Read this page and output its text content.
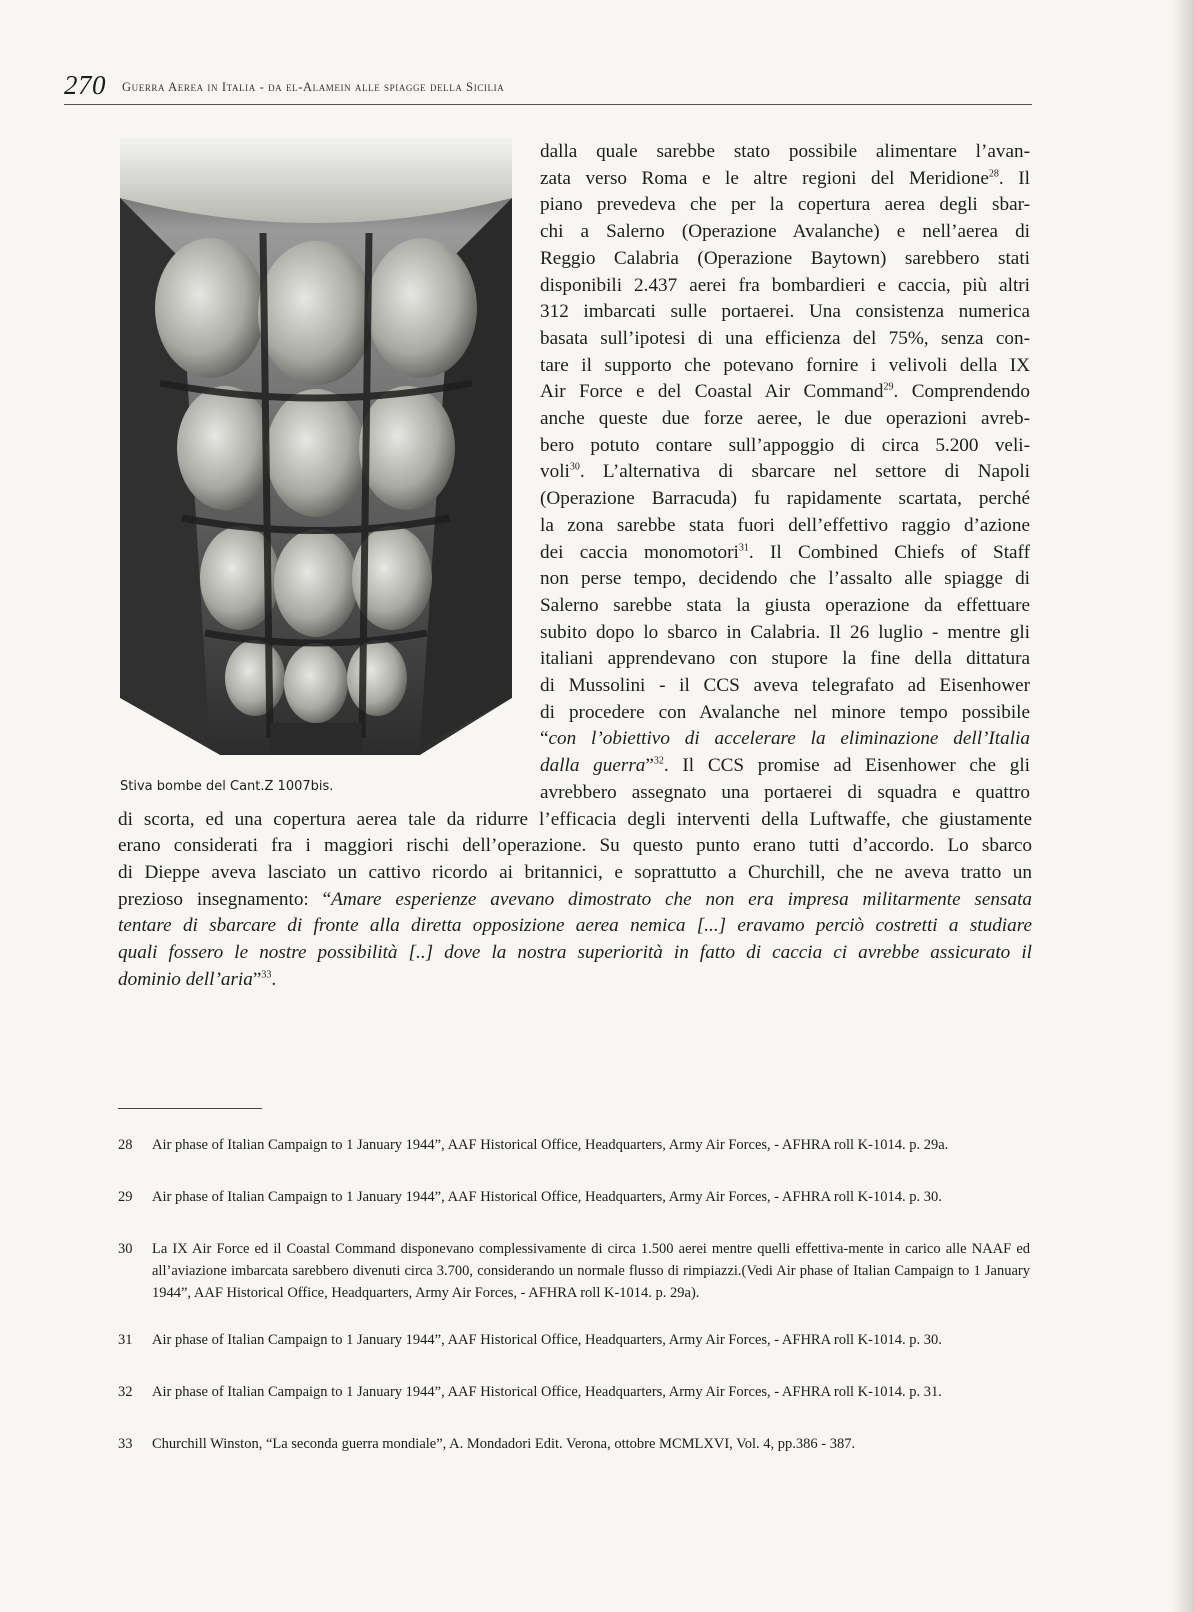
270 Guerra Aerea in Italia - da el-Alamein alle spiagge della Sicilia
Stiva bombe del Cant.Z 1007bis.
dalla quale sarebbe stato possibile alimentare l’avan-
zata verso Roma e le altre regioni del Meridione$^{28}$. Il
piano prevedeva che per la copertura aerea degli sbar-
chi a Salerno (Operazione Avalanche) e nell’aerea di
Reggio Calabria (Operazione Baytown) sarebbero stati
disponibili 2.437 aerei fra bombardieri e caccia, più altri
312 imbarcati sulle portaerei. Una consistenza numerica
basata sull’ipotesi di una efficienza del 75%, senza con-
tare il supporto che potevano fornire i velivoli della IX
Air Force e del Coastal Air Command$^{29}$. Comprendendo
anche queste due forze aeree, le due operazioni avreb-
bero potuto contare sull’appoggio di circa 5.200 veli-
voli$^{30}$. L’alternativa di sbarcare nel settore di Napoli
(Operazione Barracuda) fu rapidamente scartata, perché
la zona sarebbe stata fuori dell’effettivo raggio d’azione
dei caccia monomotori$^{31}$. Il Combined Chiefs of Staff
non perse tempo, decidendo che l’assalto alle spiagge di
Salerno sarebbe stata la giusta operazione da effettuare
subito dopo lo sbarco in Calabria. Il 26 luglio - mentre gli
italiani apprendevano con stupore la fine della dittatura
di Mussolini - il CCS aveva telegrafato ad Eisenhower
di procedere con Avalanche nel minore tempo possibile
“con l’obiettivo di accelerare la eliminazione dell’Italia
dalla guerra”$^{32}$. Il CCS promise ad Eisenhower che gli
avrebbero assegnato una portaerei di squadra e quattro
di scorta, ed una copertura aerea tale da ridurre l’efficacia degli interventi della Luftwaffe, che giustamente
erano considerati fra i maggiori rischi dell’operazione. Su questo punto erano tutti d’accordo. Lo sbarco
di Dieppe aveva lasciato un cattivo ricordo ai britannici, e soprattutto a Churchill, che ne aveva tratto un
prezioso insegnamento: “Amare esperienze avevano dimostrato che non era impresa militarmente sensata
tentare di sbarcare di fronte alla diretta opposizione aerea nemica [...] eravamo perciò costretti a studiare
quali fossero le nostre possibilità [..] dove la nostra superiorità in fatto di caccia ci avrebbe assicurato il
dominio dell’aria”$^{33}$.
28	Air phase of Italian Campaign to 1 January 1944”, AAF Historical Office, Headquarters, Army Air Forces, - AFHRA roll K-1014. p. 29a.
29	Air phase of Italian Campaign to 1 January 1944”, AAF Historical Office, Headquarters, Army Air Forces, - AFHRA roll K-1014. p. 30.
30	La IX Air Force ed il Coastal Command disponevano complessivamente di circa 1.500 aerei mentre quelli effettiva-mente in carico alle NAAF ed all’aviazione imbarcata sarebbero divenuti circa 3.700, considerando un normale flusso di rimpiazzi.(Vedi Air phase of Italian Campaign to 1 January 1944”, AAF Historical Office, Headquarters, Army Air Forces, - AFHRA roll K-1014. p. 29a).
31	Air phase of Italian Campaign to 1 January 1944”, AAF Historical Office, Headquarters, Army Air Forces, - AFHRA roll K-1014. p. 30.
32	Air phase of Italian Campaign to 1 January 1944”, AAF Historical Office, Headquarters, Army Air Forces, - AFHRA roll K-1014. p. 31.
33	Churchill Winston, “La seconda guerra mondiale”, A. Mondadori Edit. Verona, ottobre MCMLXVI, Vol. 4, pp.386 - 387.
